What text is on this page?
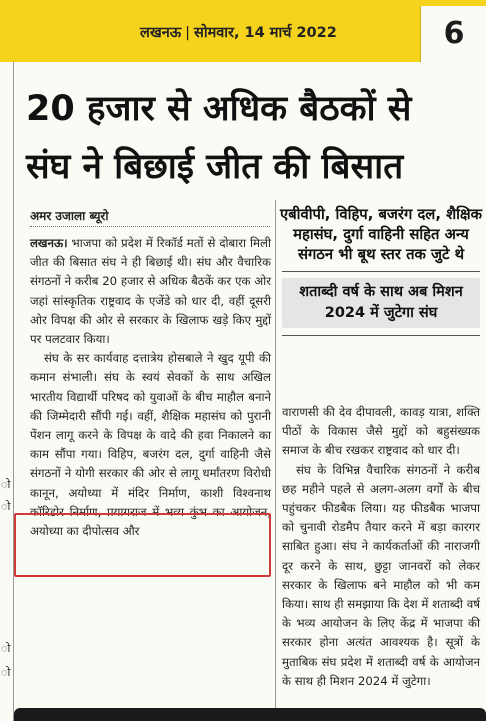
लखनऊ | सोमवार, 14 मार्च 2022	6
ो
ो
ो
ो
20 हजार से अधिक बैठकों से
संघ ने बिछाई जीत की बिसात
अमर उजाला ब्यूरो

लखनऊ। भाजपा को प्रदेश में रिकॉर्ड मतों से दोबारा मिली जीत की बिसात संघ ने ही बिछाई थी। संघ और वैचारिक संगठनों ने करीब 20 हजार से अधिक बैठकें कर एक ओर जहां सांस्कृतिक राष्ट्रवाद के एजेंडे को धार दी, वहीं दूसरी ओर विपक्ष की ओर से सरकार के खिलाफ खड़े किए मुद्दों पर पलटवार किया।

संघ के सर कार्यवाह दत्तात्रेय होसबाले ने खुद यूपी की कमान संभाली। संघ के स्वयं सेवकों के साथ अखिल भारतीय विद्यार्थी परिषद को युवाओं के बीच माहौल बनाने की जिम्मेदारी सौंपी गई। वहीं, शैक्षिक महासंघ को पुरानी पेंशन लागू करने के विपक्ष के वादे की हवा निकालने का काम सौंपा गया। विहिप, बजरंग दल, दुर्गा वाहिनी जैसे संगठनों ने योगी सरकार की ओर से लागू धर्मांतरण विरोधी कानून, अयोध्या में मंदिर निर्माण, काशी विश्वनाथ कॉरिडोर निर्माण, प्रयागराज में भव्य कुंभ का आयोजन, अयोध्या का दीपोत्सव और

एबीवीपी, विहिप, बजरंग दल, शैक्षिक महासंघ, दुर्गा वाहिनी सहित अन्य संगठन भी बूथ स्तर तक जुटे थे
शताब्दी वर्ष के साथ अब मिशन 2024 में जुटेगा संघ

वाराणसी की देव दीपावली, कावड़ यात्रा, शक्ति पीठों के विकास जैसे मुद्दों को बहुसंख्यक समाज के बीच रखकर राष्ट्रवाद को धार दी।

संघ के विभिन्न वैचारिक संगठनों ने करीब छह महीने पहले से अलग-अलग वर्गों के बीच पहुंचकर फीडबैक लिया। यह फीडबैक भाजपा को चुनावी रोडमैप तैयार करने में बड़ा कारगर साबित हुआ। संघ ने कार्यकर्ताओं की नाराजगी दूर करने के साथ, छुट्टा जानवरों को लेकर सरकार के खिलाफ बने माहौल को भी कम किया। साथ ही समझाया कि देश में शताब्दी वर्ष के भव्य आयोजन के लिए केंद्र में भाजपा की सरकार होना अत्यंत आवश्यक है। सूत्रों के मुताबिक संघ प्रदेश में शताब्दी वर्ष के आयोजन के साथ ही मिशन 2024 में जुटेगा।
